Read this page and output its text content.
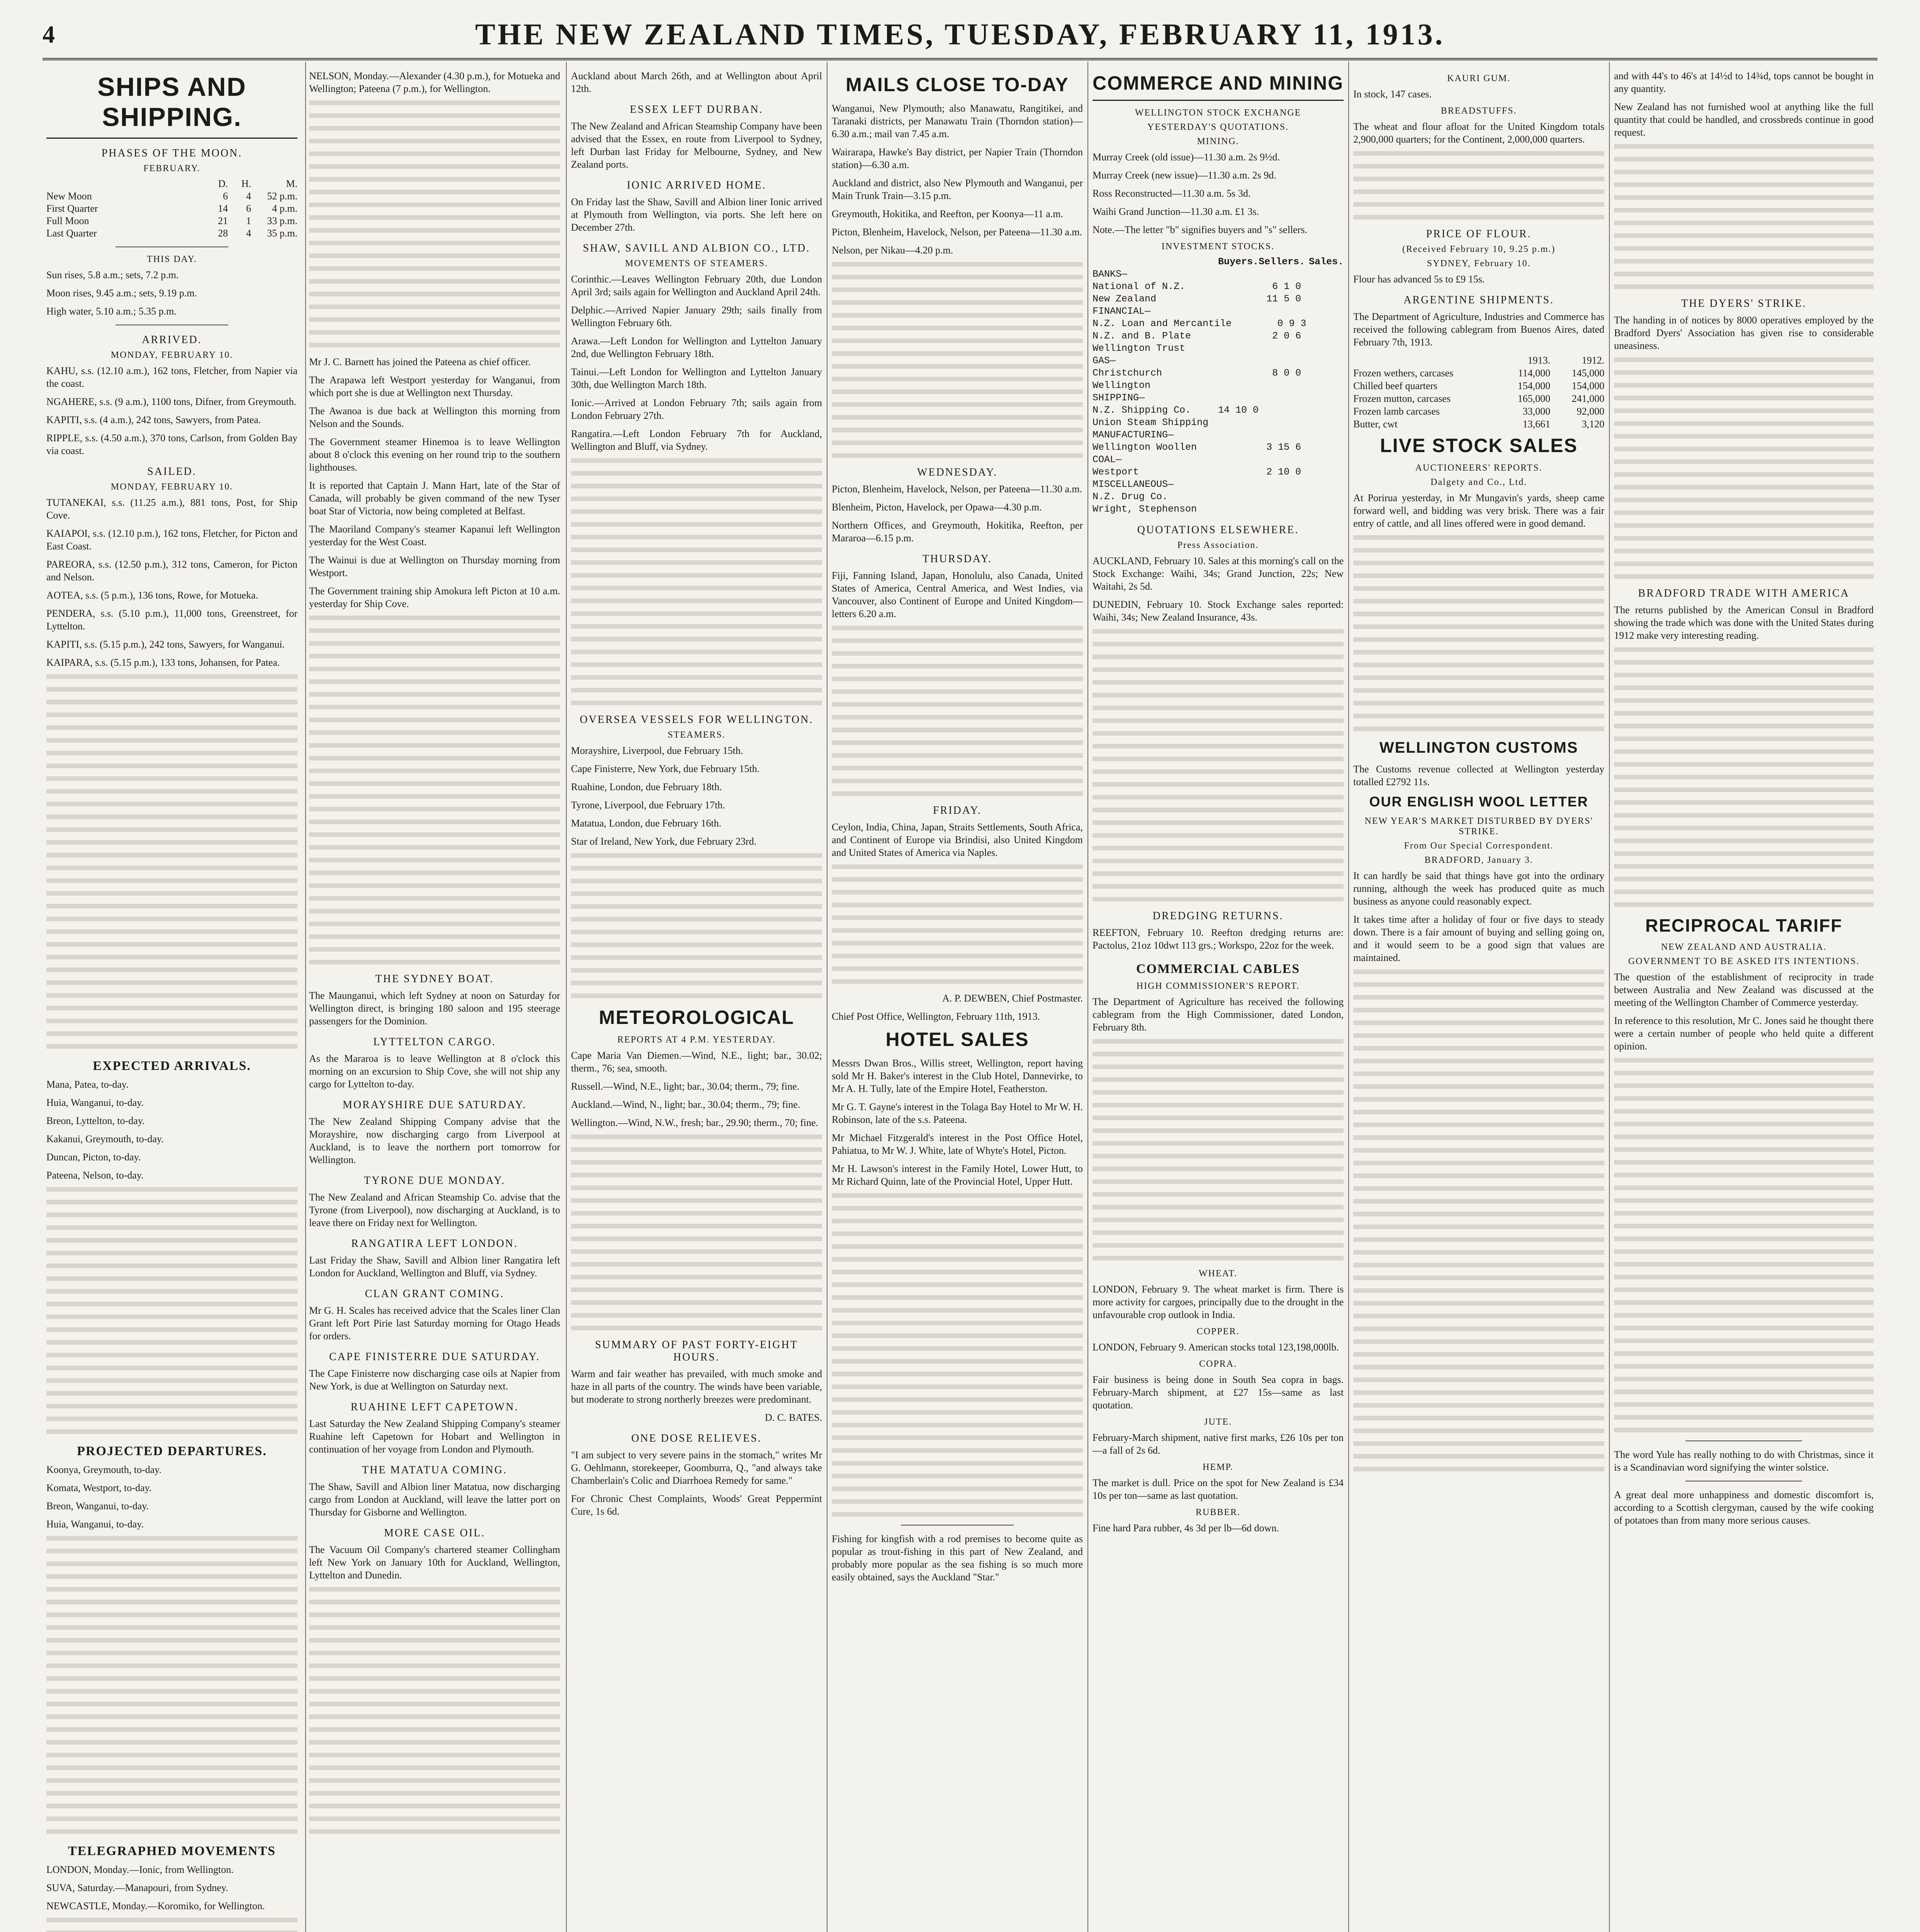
4	THE NEW ZEALAND TIMES, TUESDAY, FEBRUARY 11, 1913.
SHIPS AND SHIPPING.
PHASES OF THE MOON.
FEBRUARY.
D.	H.	M.
New Moon	6	4	52 p.m.
First Quarter	14	6	4 p.m.
Full Moon	21	1	33 p.m.
Last Quarter	28	4	35 p.m.
THIS DAY.

Sun rises, 5.8 a.m.; sets, 7.2 p.m.

Moon rises, 9.45 a.m.; sets, 9.19 p.m.

High water, 5.10 a.m.; 5.35 p.m.

ARRIVED.
MONDAY, FEBRUARY 10.

KAHU, s.s. (12.10 a.m.), 162 tons, Fletcher, from Napier via the coast.

NGAHERE, s.s. (9 a.m.), 1100 tons, Difner, from Greymouth.

KAPITI, s.s. (4 a.m.), 242 tons, Sawyers, from Patea.

RIPPLE, s.s. (4.50 a.m.), 370 tons, Carlson, from Golden Bay via coast.

SAILED.
MONDAY, FEBRUARY 10.

TUTANEKAI, s.s. (11.25 a.m.), 881 tons, Post, for Ship Cove.

KAIAPOI, s.s. (12.10 p.m.), 162 tons, Fletcher, for Picton and East Coast.

PAREORA, s.s. (12.50 p.m.), 312 tons, Cameron, for Picton and Nelson.

AOTEA, s.s. (5 p.m.), 136 tons, Rowe, for Motueka.

PENDERA, s.s. (5.10 p.m.), 11,000 tons, Greenstreet, for Lyttelton.

KAPITI, s.s. (5.15 p.m.), 242 tons, Sawyers, for Wanganui.

KAIPARA, s.s. (5.15 p.m.), 133 tons, Johansen, for Patea.

EXPECTED ARRIVALS.

Mana, Patea, to-day.

Huia, Wanganui, to-day.

Breon, Lyttelton, to-day.

Kakanui, Greymouth, to-day.

Duncan, Picton, to-day.

Pateena, Nelson, to-day.

PROJECTED DEPARTURES.

Koonya, Greymouth, to-day.

Komata, Westport, to-day.

Breon, Wanganui, to-day.

Huia, Wanganui, to-day.

TELEGRAPHED MOVEMENTS

LONDON, Monday.—Ionic, from Wellington.

SUVA, Saturday.—Manapouri, from Sydney.

NEWCASTLE, Monday.—Koromiko, for Wellington.

NELSON, Monday.—Alexander (4.30 p.m.), for Motueka and Wellington; Pateena (7 p.m.), for Wellington.

Mr J. C. Barnett has joined the Pateena as chief officer.

The Arapawa left Westport yesterday for Wanganui, from which port she is due at Wellington next Thursday.

The Awanoa is due back at Wellington this morning from Nelson and the Sounds.

The Government steamer Hinemoa is to leave Wellington about 8 o'clock this evening on her round trip to the southern lighthouses.

It is reported that Captain J. Mann Hart, late of the Star of Canada, will probably be given command of the new Tyser boat Star of Victoria, now being completed at Belfast.

The Maoriland Company's steamer Kapanui left Wellington yesterday for the West Coast.

The Wainui is due at Wellington on Thursday morning from Westport.

The Government training ship Amokura left Picton at 10 a.m. yesterday for Ship Cove.

THE SYDNEY BOAT.

The Maunganui, which left Sydney at noon on Saturday for Wellington direct, is bringing 180 saloon and 195 steerage passengers for the Dominion.

LYTTELTON CARGO.

As the Mararoa is to leave Wellington at 8 o'clock this morning on an excursion to Ship Cove, she will not ship any cargo for Lyttelton to-day.

MORAYSHIRE DUE SATURDAY.

The New Zealand Shipping Company advise that the Morayshire, now discharging cargo from Liverpool at Auckland, is to leave the northern port tomorrow for Wellington.

TYRONE DUE MONDAY.

The New Zealand and African Steamship Co. advise that the Tyrone (from Liverpool), now discharging at Auckland, is to leave there on Friday next for Wellington.

RANGATIRA LEFT LONDON.

Last Friday the Shaw, Savill and Albion liner Rangatira left London for Auckland, Wellington and Bluff, via Sydney.

CLAN GRANT COMING.

Mr G. H. Scales has received advice that the Scales liner Clan Grant left Port Pirie last Saturday morning for Otago Heads for orders.

CAPE FINISTERRE DUE SATURDAY.

The Cape Finisterre now discharging case oils at Napier from New York, is due at Wellington on Saturday next.

RUAHINE LEFT CAPETOWN.

Last Saturday the New Zealand Shipping Company's steamer Ruahine left Capetown for Hobart and Wellington in continuation of her voyage from London and Plymouth.

THE MATATUA COMING.

The Shaw, Savill and Albion liner Matatua, now discharging cargo from London at Auckland, will leave the latter port on Thursday for Gisborne and Wellington.

MORE CASE OIL.

The Vacuum Oil Company's chartered steamer Collingham left New York on January 10th for Auckland, Wellington, Lyttelton and Dunedin.

Auckland about March 26th, and at Wellington about April 12th.

ESSEX LEFT DURBAN.

The New Zealand and African Steamship Company have been advised that the Essex, en route from Liverpool to Sydney, left Durban last Friday for Melbourne, Sydney, and New Zealand ports.

IONIC ARRIVED HOME.

On Friday last the Shaw, Savill and Albion liner Ionic arrived at Plymouth from Wellington, via ports. She left here on December 27th.

SHAW, SAVILL AND ALBION CO., LTD.
MOVEMENTS OF STEAMERS.

Corinthic.—Leaves Wellington February 20th, due London April 3rd; sails again for Wellington and Auckland April 24th.

Delphic.—Arrived Napier January 29th; sails finally from Wellington February 6th.

Arawa.—Left London for Wellington and Lyttelton January 2nd, due Wellington February 18th.

Tainui.—Left London for Wellington and Lyttelton January 30th, due Wellington March 18th.

Ionic.—Arrived at London February 7th; sails again from London February 27th.

Rangatira.—Left London February 7th for Auckland, Wellington and Bluff, via Sydney.

OVERSEA VESSELS FOR WELLINGTON.
STEAMERS.

Morayshire, Liverpool, due February 15th.

Cape Finisterre, New York, due February 15th.

Ruahine, London, due February 18th.

Tyrone, Liverpool, due February 17th.

Matatua, London, due February 16th.

Star of Ireland, New York, due February 23rd.

METEOROLOGICAL
REPORTS AT 4 P.M. YESTERDAY.

Cape Maria Van Diemen.—Wind, N.E., light; bar., 30.02; therm., 76; sea, smooth.

Russell.—Wind, N.E., light; bar., 30.04; therm., 79; fine.

Auckland.—Wind, N., light; bar., 30.04; therm., 79; fine.

Wellington.—Wind, N.W., fresh; bar., 29.90; therm., 70; fine.

SUMMARY OF PAST FORTY-EIGHT HOURS.

Warm and fair weather has prevailed, with much smoke and haze in all parts of the country. The winds have been variable, but moderate to strong northerly breezes were predominant.

D. C. BATES.

ONE DOSE RELIEVES.

"I am subject to very severe pains in the stomach," writes Mr G. Oehlmann, storekeeper, Goomburra, Q., "and always take Chamberlain's Colic and Diarrhoea Remedy for same."

For Chronic Chest Complaints, Woods' Great Peppermint Cure, 1s 6d.

MAILS CLOSE TO-DAY

Wanganui, New Plymouth; also Manawatu, Rangitikei, and Taranaki districts, per Manawatu Train (Thorndon station)—6.30 a.m.; mail van 7.45 a.m.

Wairarapa, Hawke's Bay district, per Napier Train (Thorndon station)—6.30 a.m.

Auckland and district, also New Plymouth and Wanganui, per Main Trunk Train—3.15 p.m.

Greymouth, Hokitika, and Reefton, per Koonya—11 a.m.

Picton, Blenheim, Havelock, Nelson, per Pateena—11.30 a.m.

Nelson, per Nikau—4.20 p.m.

WEDNESDAY.

Picton, Blenheim, Havelock, Nelson, per Pateena—11.30 a.m.

Blenheim, Picton, Havelock, per Opawa—4.30 p.m.

Northern Offices, and Greymouth, Hokitika, Reefton, per Mararoa—6.15 p.m.

THURSDAY.

Fiji, Fanning Island, Japan, Honolulu, also Canada, United States of America, Central America, and West Indies, via Vancouver, also Continent of Europe and United Kingdom—letters 6.20 a.m.

FRIDAY.

Ceylon, India, China, Japan, Straits Settlements, South Africa, and Continent of Europe via Brindisi, also United Kingdom and United States of America via Naples.

A. P. DEWBEN, Chief Postmaster.

Chief Post Office, Wellington, February 11th, 1913.

HOTEL SALES

Messrs Dwan Bros., Willis street, Wellington, report having sold Mr H. Baker's interest in the Club Hotel, Dannevirke, to Mr A. H. Tully, late of the Empire Hotel, Featherston.

Mr G. T. Gayne's interest in the Tolaga Bay Hotel to Mr W. H. Robinson, late of the s.s. Pateena.

Mr Michael Fitzgerald's interest in the Post Office Hotel, Pahiatua, to Mr W. J. White, late of Whyte's Hotel, Picton.

Mr H. Lawson's interest in the Family Hotel, Lower Hutt, to Mr Richard Quinn, late of the Provincial Hotel, Upper Hutt.

Fishing for kingfish with a rod premises to become quite as popular as trout-fishing in this part of New Zealand, and probably more popular as the sea fishing is so much more easily obtained, says the Auckland "Star."

COMMERCE AND MINING
WELLINGTON STOCK EXCHANGE
YESTERDAY'S QUOTATIONS.
MINING.

Murray Creek (old issue)—11.30 a.m. 2s 9½d.

Murray Creek (new issue)—11.30 a.m. 2s 9d.

Ross Reconstructed—11.30 a.m. 5s 3d.

Waihi Grand Junction—11.30 a.m. £1 3s.

Note.—The letter "b" signifies buyers and "s" sellers.

INVESTMENT STOCKS.
Buyers. Sellers. Sales.
BANKS—
National of N.Z.	6 1 0
New Zealand	11 5 0
FINANCIAL—
N.Z. Loan and Mercantile	0 9 3
N.Z. and B. Plate	2 0 6
Wellington Trust
GAS—
Christchurch	8 0 0
Wellington
SHIPPING—
N.Z. Shipping Co.	14 10 0
Union Steam Shipping
MANUFACTURING—
Wellington Woollen	3 15 6
COAL—
Westport	2 10 0
MISCELLANEOUS—
N.Z. Drug Co.
Wright, Stephenson
QUOTATIONS ELSEWHERE.
Press Association.

AUCKLAND, February 10. Sales at this morning's call on the Stock Exchange: Waihi, 34s; Grand Junction, 22s; New Waitahi, 2s 5d.

DUNEDIN, February 10. Stock Exchange sales reported: Waihi, 34s; New Zealand Insurance, 43s.

DREDGING RETURNS.

REEFTON, February 10. Reefton dredging returns are: Pactolus, 21oz 10dwt 113 grs.; Workspo, 22oz for the week.

COMMERCIAL CABLES
HIGH COMMISSIONER'S REPORT.

The Department of Agriculture has received the following cablegram from the High Commissioner, dated London, February 8th.

WHEAT.

LONDON, February 9. The wheat market is firm. There is more activity for cargoes, principally due to the drought in the unfavourable crop outlook in India.

COPPER.

LONDON, February 9. American stocks total 123,198,000lb.

COPRA.

Fair business is being done in South Sea copra in bags. February-March shipment, at £27 15s—same as last quotation.

JUTE.

February-March shipment, native first marks, £26 10s per ton—a fall of 2s 6d.

HEMP.

The market is dull. Price on the spot for New Zealand is £34 10s per ton—same as last quotation.

RUBBER.

Fine hard Para rubber, 4s 3d per lb—6d down.

KAURI GUM.

In stock, 147 cases.

BREADSTUFFS.

The wheat and flour afloat for the United Kingdom totals 2,900,000 quarters; for the Continent, 2,000,000 quarters.

PRICE OF FLOUR.
(Received February 10, 9.25 p.m.)
SYDNEY, February 10.

Flour has advanced 5s to £9 15s.

ARGENTINE SHIPMENTS.

The Department of Agriculture, Industries and Commerce has received the following cablegram from Buenos Aires, dated February 7th, 1913.

1913.	1912.
Frozen wethers, carcases	114,000	145,000
Chilled beef quarters	154,000	154,000
Frozen mutton, carcases	165,000	241,000
Frozen lamb carcases	33,000	92,000
Butter, cwt	13,661	3,120
LIVE STOCK SALES
AUCTIONEERS' REPORTS.
Dalgety and Co., Ltd.

At Porirua yesterday, in Mr Mungavin's yards, sheep came forward well, and bidding was very brisk. There was a fair entry of cattle, and all lines offered were in good demand.

WELLINGTON CUSTOMS

The Customs revenue collected at Wellington yesterday totalled £2792 11s.

OUR ENGLISH WOOL LETTER
NEW YEAR'S MARKET DISTURBED BY DYERS' STRIKE.
From Our Special Correspondent.
BRADFORD, January 3.

It can hardly be said that things have got into the ordinary running, although the week has produced quite as much business as anyone could reasonably expect.

It takes time after a holiday of four or five days to steady down. There is a fair amount of buying and selling going on, and it would seem to be a good sign that values are maintained.

and with 44's to 46's at 14½d to 14¾d, tops cannot be bought in any quantity.

New Zealand has not furnished wool at anything like the full quantity that could be handled, and crossbreds continue in good request.

THE DYERS' STRIKE.

The handing in of notices by 8000 operatives employed by the Bradford Dyers' Association has given rise to considerable uneasiness.

BRADFORD TRADE WITH AMERICA

The returns published by the American Consul in Bradford showing the trade which was done with the United States during 1912 make very interesting reading.

RECIPROCAL TARIFF
NEW ZEALAND AND AUSTRALIA.
GOVERNMENT TO BE ASKED ITS INTENTIONS.

The question of the establishment of reciprocity in trade between Australia and New Zealand was discussed at the meeting of the Wellington Chamber of Commerce yesterday.

In reference to this resolution, Mr C. Jones said he thought there were a certain number of people who held quite a different opinion.

The word Yule has really nothing to do with Christmas, since it is a Scandinavian word signifying the winter solstice.

A great deal more unhappiness and domestic discomfort is, according to a Scottish clergyman, caused by the wife cooking of potatoes than from many more serious causes.
